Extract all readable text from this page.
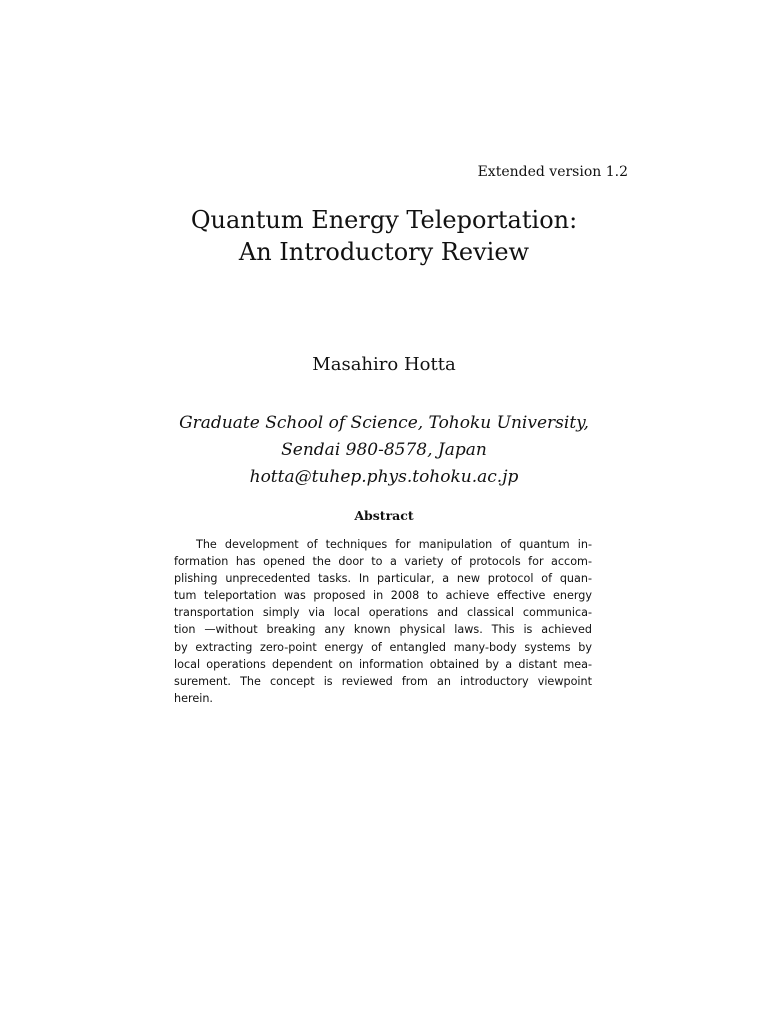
Extended version 1.2
Quantum Energy Teleportation:
An Introductory Review
Masahiro Hotta
Graduate School of Science, Tohoku University,
Sendai 980-8578, Japan
hotta@tuhep.phys.tohoku.ac.jp
Abstract
The development of techniques for manipulation of quantum in-
formation has opened the door to a variety of protocols for accom-
plishing unprecedented tasks. In particular, a new protocol of quan-
tum teleportation was proposed in 2008 to achieve effective energy
transportation simply via local operations and classical communica-
tion —without breaking any known physical laws. This is achieved
by extracting zero-point energy of entangled many-body systems by
local operations dependent on information obtained by a distant mea-
surement. The concept is reviewed from an introductory viewpoint
herein.
